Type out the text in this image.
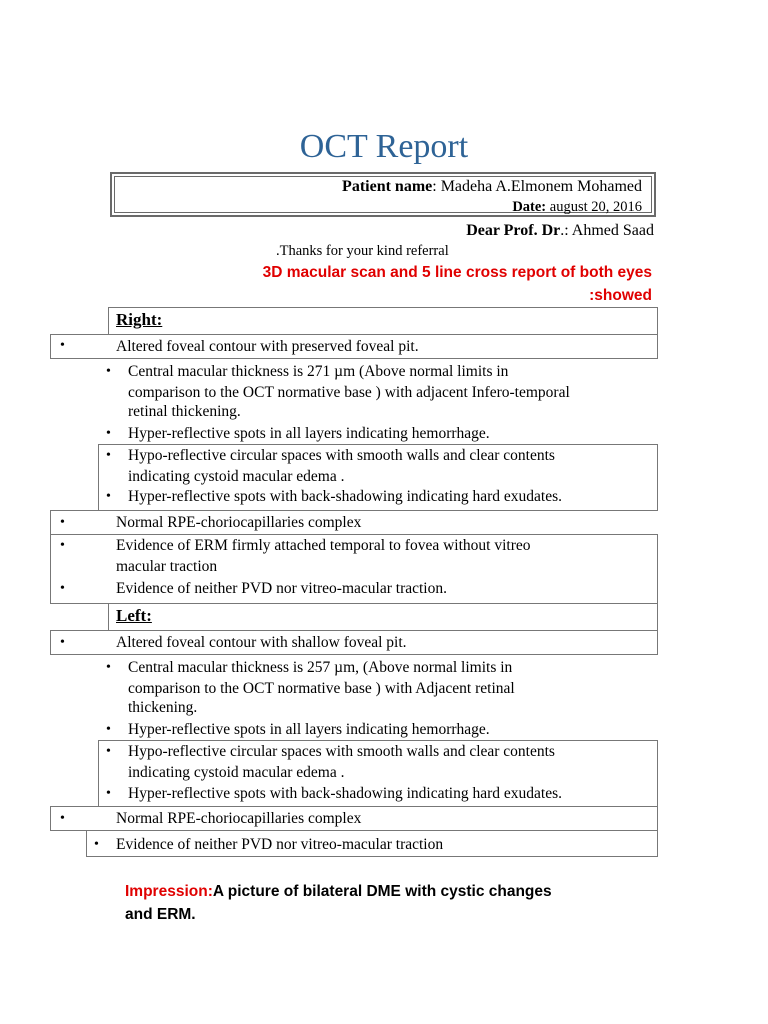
OCT Report
Patient name: Madeha A.Elmonem Mohamed
Date: august 20, 2016
Dear Prof. Dr.: Ahmed Saad
.Thanks for your kind referral
3D macular scan and 5 line cross report of both eyes
:showed
Right:
•	Altered foveal contour with preserved foveal pit.
• Central macular thickness is 271 µm (Above normal limits in
comparison to the OCT normative base ) with adjacent Infero-temporal
retinal thickening.
• Hyper-reflective spots in all layers indicating hemorrhage.
• Hypo-reflective circular spaces with smooth walls and clear contents
indicating cystoid macular edema .
• Hyper-reflective spots with back-shadowing indicating hard exudates.
•	Normal RPE-choriocapillaries complex
•	Evidence of ERM firmly attached temporal to fovea without vitreo
macular traction
•	Evidence of neither PVD nor vitreo-macular traction.
Left:
•	Altered foveal contour with shallow foveal pit.
• Central macular thickness is 257 µm, (Above normal limits in
comparison to the OCT normative base ) with Adjacent retinal
thickening.
• Hyper-reflective spots in all layers indicating hemorrhage.
• Hypo-reflective circular spaces with smooth walls and clear contents
indicating cystoid macular edema .
• Hyper-reflective spots with back-shadowing indicating hard exudates.
•	Normal RPE-choriocapillaries complex
• Evidence of neither PVD nor vitreo-macular traction
Impression:A picture of bilateral DME with cystic changes
and ERM.
